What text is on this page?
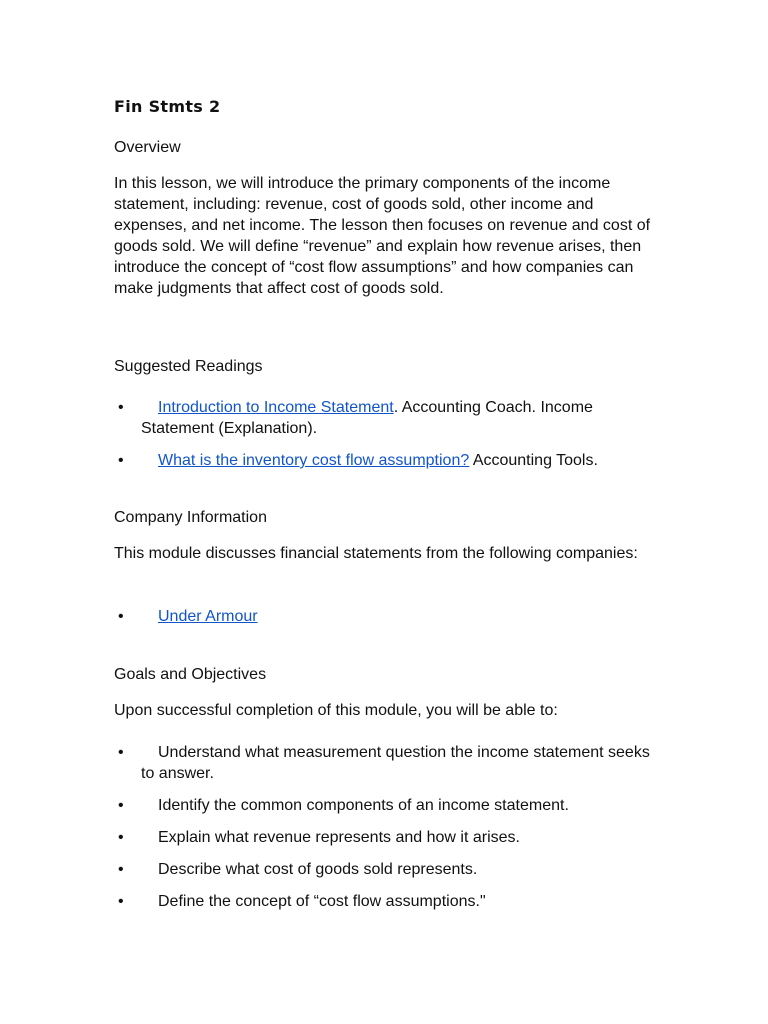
Fin Stmts 2

Overview

In this lesson, we will introduce the primary components of the income statement, including: revenue, cost of goods sold, other income and expenses, and net income. The lesson then focuses on revenue and cost of goods sold. We will define “revenue” and explain how revenue arises, then introduce the concept of “cost flow assumptions” and how companies can make judgments that affect cost of goods sold.

Suggested Readings

• Introduction to Income Statement. Accounting Coach. Income Statement (Explanation).
• What is the inventory cost flow assumption? Accounting Tools.

Company Information

This module discusses financial statements from the following companies:

• Under Armour

Goals and Objectives

Upon successful completion of this module, you will be able to:

• Understand what measurement question the income statement seeks to answer.
• Identify the common components of an income statement.
• Explain what revenue represents and how it arises.
• Describe what cost of goods sold represents.
• Define the concept of “cost flow assumptions."
